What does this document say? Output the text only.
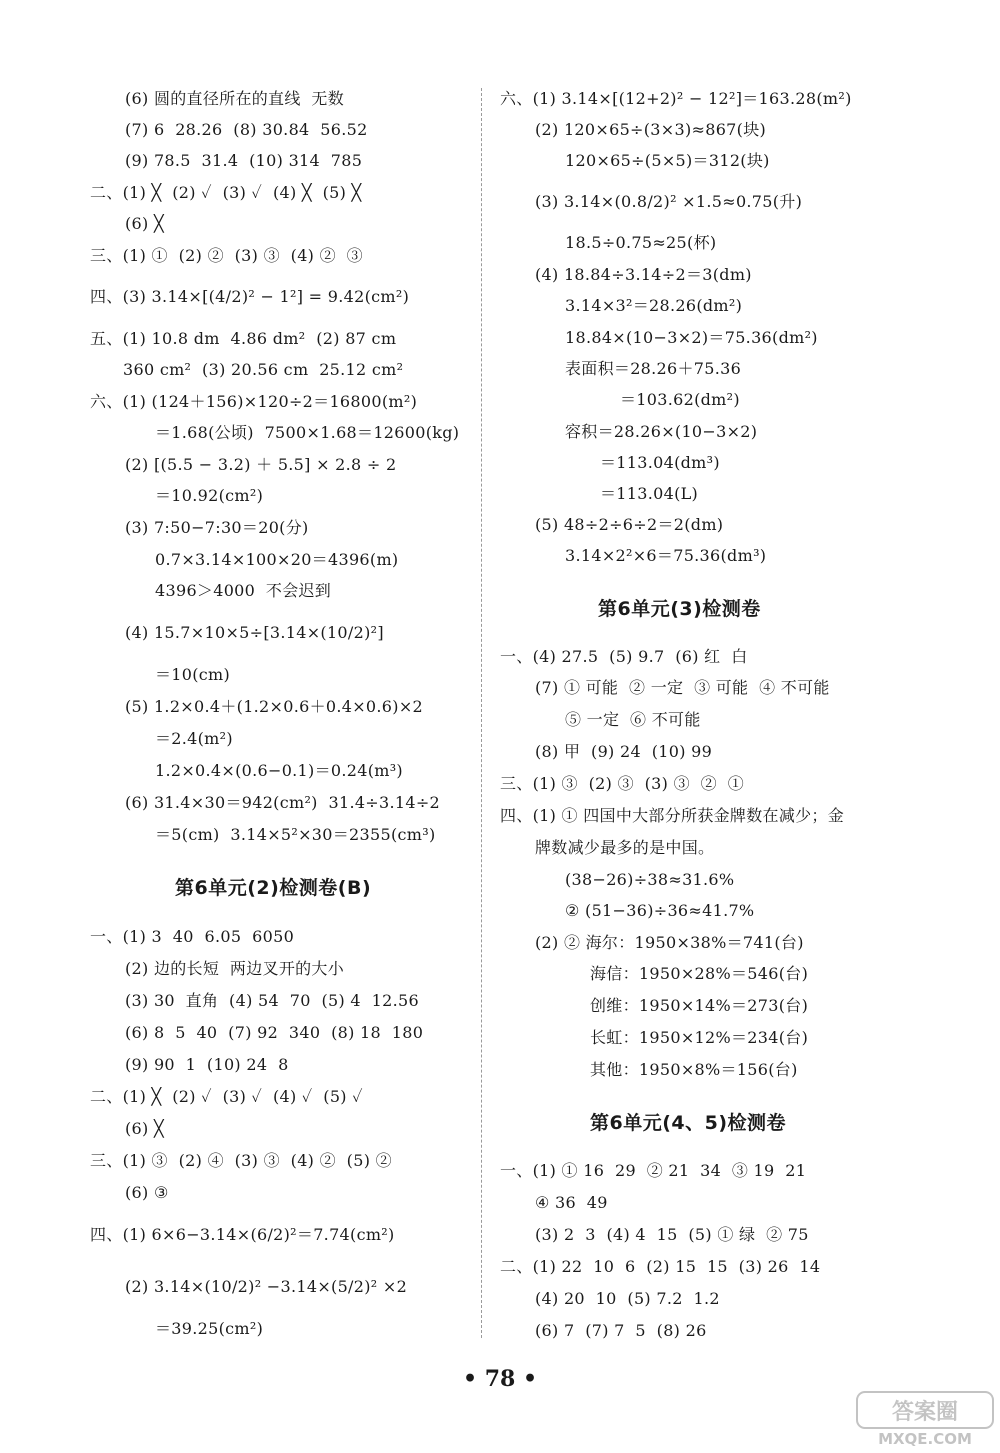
(6) 圆的直径所在的直线  无数
(7) 6  28.26  (8) 30.84  56.52
(9) 78.5  31.4  (10) 314  785
二、(1) ╳  (2) ✓  (3) ✓  (4) ╳  (5) ╳
(6) ╳
三、(1) ①  (2) ②  (3) ③  (4) ②  ③
四、(3) 3.14×[(4/2)² − 1²] = 9.42(cm²)
五、(1) 10.8 dm  4.86 dm²  (2) 87 cm
360 cm²  (3) 20.56 cm  25.12 cm²
六、(1) (124＋156)×120÷2＝16800(m²)
＝1.68(公顷)  7500×1.68＝12600(kg)
(2) [(5.5 − 3.2) ＋ 5.5] × 2.8 ÷ 2
＝10.92(cm²)
(3) 7:50−7:30＝20(分)
0.7×3.14×100×20＝4396(m)
4396＞4000  不会迟到
(4) 15.7×10×5÷[3.14×(10/2)²]
＝10(cm)
(5) 1.2×0.4＋(1.2×0.6＋0.4×0.6)×2
＝2.4(m²)
1.2×0.4×(0.6−0.1)＝0.24(m³)
(6) 31.4×30＝942(cm²)  31.4÷3.14÷2
＝5(cm)  3.14×5²×30＝2355(cm³)
第6单元(2)检测卷(B)
一、(1) 3  40  6.05  6050
(2) 边的长短  两边叉开的大小
(3) 30  直角  (4) 54  70  (5) 4  12.56
(6) 8  5  40  (7) 92  340  (8) 18  180
(9) 90  1  (10) 24  8
二、(1) ╳  (2) ✓  (3) ✓  (4) ✓  (5) ✓
(6) ╳
三、(1) ③  (2) ④  (3) ③  (4) ②  (5) ②
(6) ③
四、(1) 6×6−3.14×(6/2)²＝7.74(cm²)
(2) 3.14×(10/2)² −3.14×(5/2)² ×2
＝39.25(cm²)
六、(1) 3.14×[(12+2)² − 12²]＝163.28(m²)
(2) 120×65÷(3×3)≈867(块)
120×65÷(5×5)＝312(块)
(3) 3.14×(0.8/2)² ×1.5≈0.75(升)
18.5÷0.75≈25(杯)
(4) 18.84÷3.14÷2＝3(dm)
3.14×3²＝28.26(dm²)
18.84×(10−3×2)＝75.36(dm²)
表面积＝28.26＋75.36
＝103.62(dm²)
容积＝28.26×(10−3×2)
＝113.04(dm³)
＝113.04(L)
(5) 48÷2÷6÷2＝2(dm)
3.14×2²×6＝75.36(dm³)
第6单元(3)检测卷
一、(4) 27.5  (5) 9.7  (6) 红  白
(7) ① 可能  ② 一定  ③ 可能  ④ 不可能
⑤ 一定  ⑥ 不可能
(8) 甲  (9) 24  (10) 99
三、(1) ③  (2) ③  (3) ③  ②  ①
四、(1) ① 四国中大部分所获金牌数在减少；金
牌数减少最多的是中国。
(38−26)÷38≈31.6%
② (51−36)÷36≈41.7%
(2) ② 海尔：1950×38%＝741(台)
海信：1950×28%＝546(台)
创维：1950×14%＝273(台)
长虹：1950×12%＝234(台)
其他：1950×8%＝156(台)
第6单元(4、5)检测卷
一、(1) ① 16  29  ② 21  34  ③ 19  21
④ 36  49
(3) 2  3  (4) 4  15  (5) ① 绿  ② 75
二、(1) 22  10  6  (2) 15  15  (3) 26  14
(4) 20  10  (5) 7.2  1.2
(6) 7  (7) 7  5  (8) 26
• 78 •
答案圈
MXQE.COM
